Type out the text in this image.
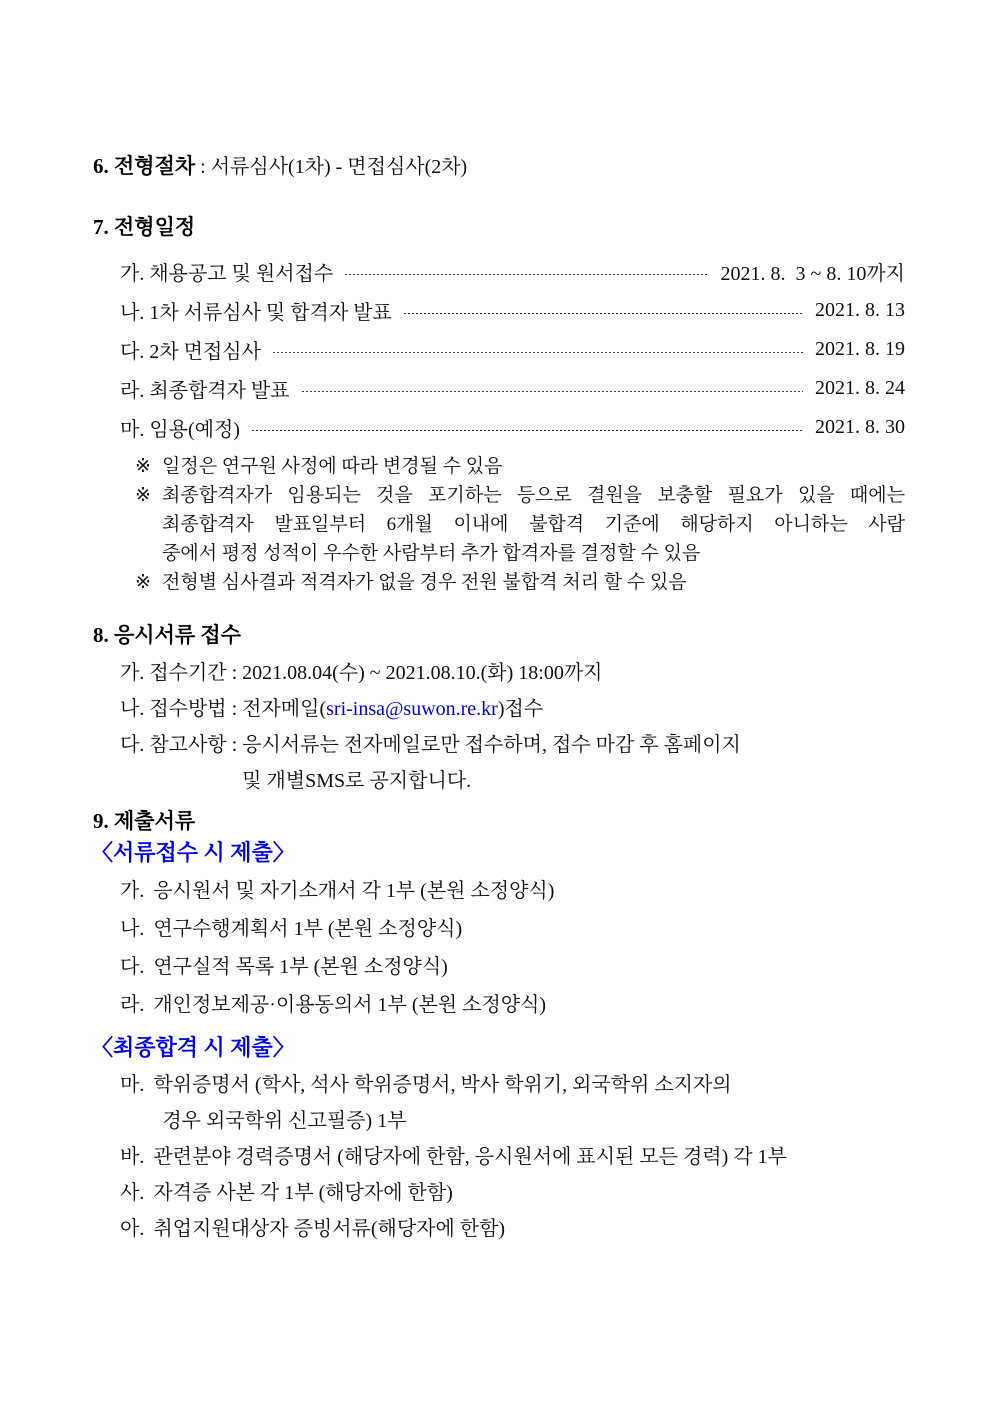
6. 전형절차 : 서류심사(1차) - 면접심사(2차)
7. 전형일정
가. 채용공고 및 원서접수	2021. 8.  3 ~ 8. 10까지
나. 1차 서류심사 및 합격자 발표	2021. 8. 13
다. 2차 면접심사	2021. 8. 19
라. 최종합격자 발표	2021. 8. 24
마. 임용(예정)	2021. 8. 30
※ 일정은 연구원 사정에 따라 변경될 수 있음
※ 최종합격자가 임용되는 것을 포기하는 등으로 결원을 보충할 필요가 있을 때에는
최종합격자 발표일부터 6개월 이내에 불합격 기준에 해당하지 아니하는 사람
중에서 평정 성적이 우수한 사람부터 추가 합격자를 결정할 수 있음
※ 전형별 심사결과 적격자가 없을 경우 전원 불합격 처리 할 수 있음
8. 응시서류 접수
가. 접수기간 : 2021.08.04(수) ~ 2021.08.10.(화) 18:00까지
나. 접수방법 : 전자메일(sri-insa@suwon.re.kr)접수
다. 참고사항 : 응시서류는 전자메일로만 접수하며, 접수 마감 후 홈페이지
및 개별SMS로 공지합니다.
9. 제출서류
〈서류접수 시 제출〉
가. 응시원서 및 자기소개서 각 1부 (본원 소정양식)
나. 연구수행계획서 1부 (본원 소정양식)
다. 연구실적 목록 1부 (본원 소정양식)
라. 개인정보제공·이용동의서 1부 (본원 소정양식)
〈최종합격 시 제출〉
마. 학위증명서 (학사, 석사 학위증명서, 박사 학위기, 외국학위 소지자의
경우 외국학위 신고필증) 1부
바. 관련분야 경력증명서 (해당자에 한함, 응시원서에 표시된 모든 경력) 각 1부
사. 자격증 사본 각 1부 (해당자에 한함)
아. 취업지원대상자 증빙서류(해당자에 한함)
